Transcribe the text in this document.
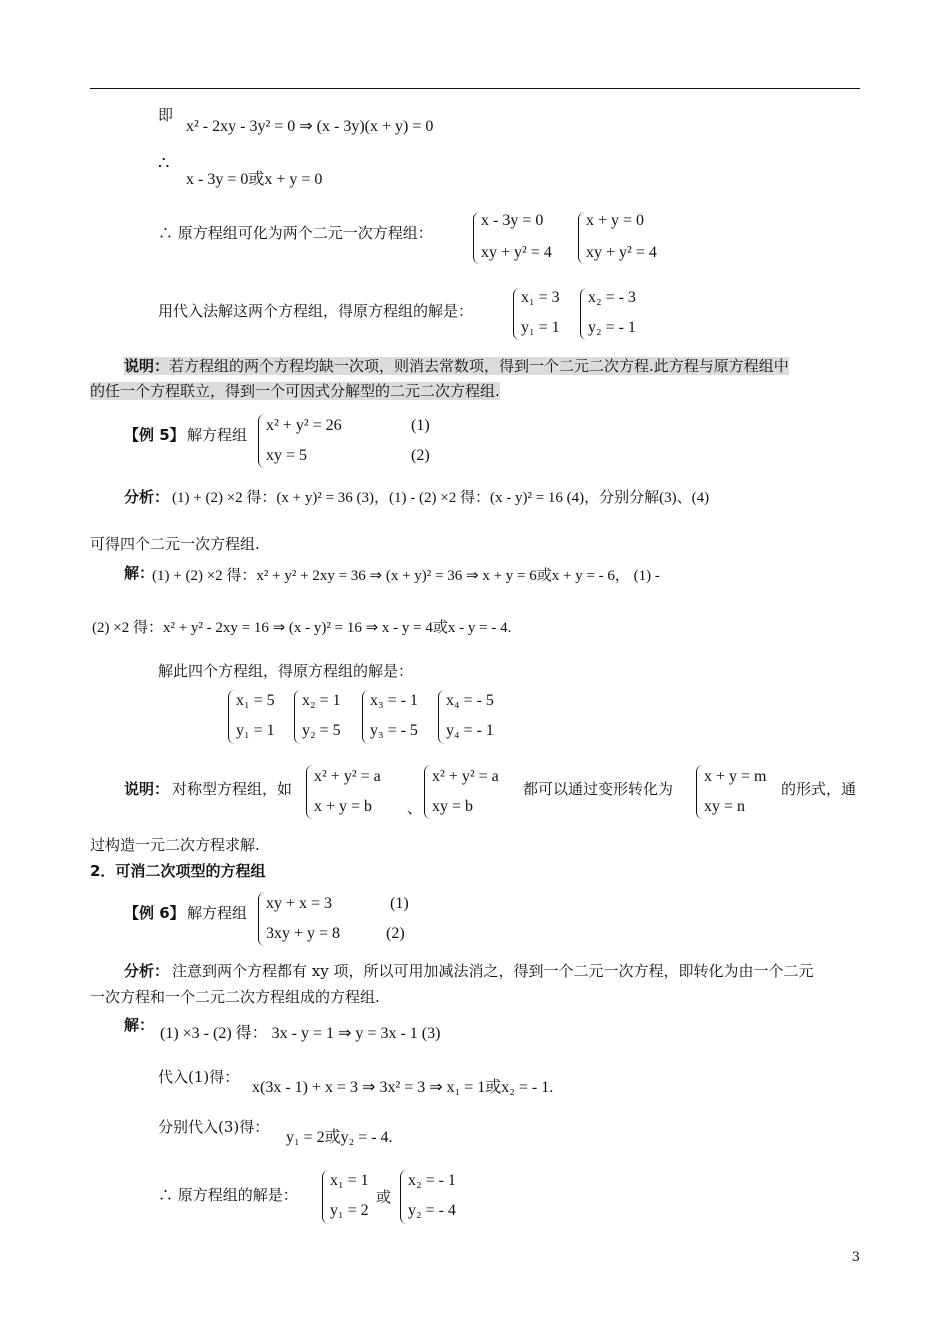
即
x² - 2xy - 3y² = 0 ⇒ (x - 3y)(x + y) = 0
∴
x - 3y = 0或x + y = 0
∴ 原方程组可化为两个二元一次方程组：
x - 3y = 0
xy + y² = 4
x + y = 0
xy + y² = 4
用代入法解这两个方程组，得原方程组的解是：
x₁ = 3
y₁ = 1
x₂ = - 3
y₂ = - 1
说明：若方程组的两个方程均缺一次项，则消去常数项，得到一个二元二次方程.此方程与原方程组中
的任一个方程联立，得到一个可因式分解型的二元二次方程组.
【例 5】 解方程组
x² + y² = 26	(1)
xy = 5	(2)
分析： (1) + (2) ×2 得：(x + y)² = 36 (3)，(1) - (2) ×2 得：(x - y)² = 16 (4)，分别分解(3)、(4)
可得四个二元一次方程组.
解：
(1) + (2) ×2 得：x² + y² + 2xy = 36 ⇒ (x + y)² = 36 ⇒ x + y = 6或x + y = - 6， (1) -
(2) ×2 得：x² + y² - 2xy = 16 ⇒ (x - y)² = 16 ⇒ x - y = 4或x - y = - 4.
解此四个方程组，得原方程组的解是：
x₁ = 5
y₁ = 1
x₂ = 1
y₂ = 5
x₃ = - 1
y₃ = - 5
x₄ = - 5
y₄ = - 1
说明： 对称型方程组，如
x² + y² = a
x + y = b 、
x² + y² = a
xy = b
都可以通过变形转化为
x + y = m
xy = n
的形式，通
过构造一元二次方程求解.
2．可消二次项型的方程组
【例 6】 解方程组
xy + x = 3	(1)
3xy + y = 8	(2)
分析： 注意到两个方程都有 xy 项，所以可用加减法消之，得到一个二元一次方程，即转化为由一个二元
一次方程和一个二元二次方程组成的方程组.
解： (1) ×3 - (2) 得： 3x - y = 1 ⇒ y = 3x - 1 (3)
代入(1)得：
x(3x - 1) + x = 3 ⇒ 3x² = 3 ⇒ x₁ = 1或x₂ = - 1.
分别代入(3)得：
y₁ = 2或y₂ = - 4.
∴ 原方程组的解是：
x₁ = 1
y₁ = 2
或
x₂ = - 1
y₂ = - 4
3
